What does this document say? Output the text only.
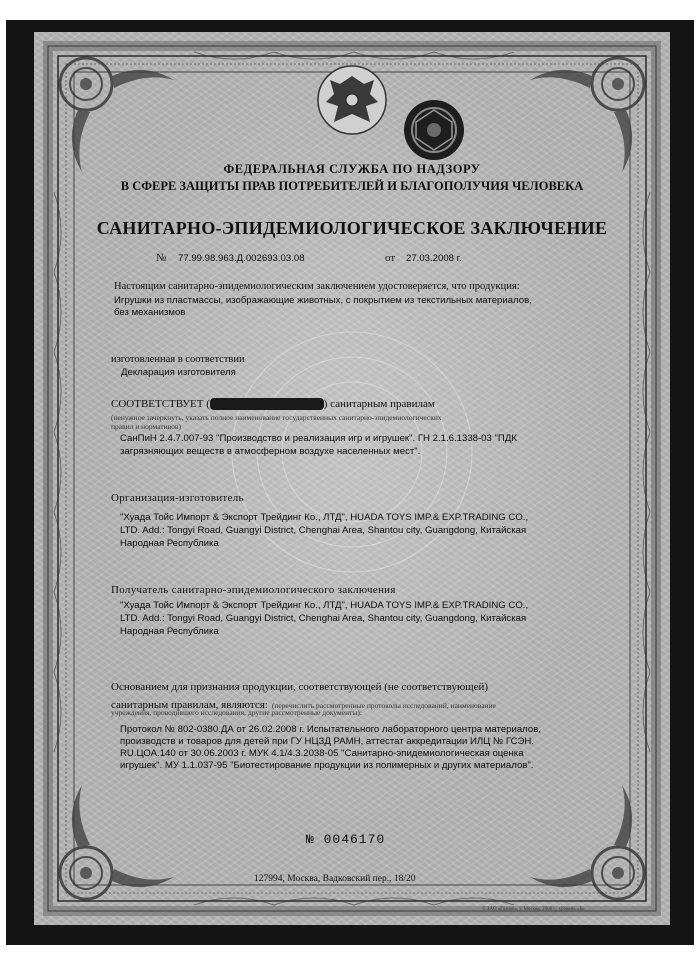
ФЕДЕРАЛЬНАЯ СЛУЖБА ПО НАДЗОРУ
В СФЕРЕ ЗАЩИТЫ ПРАВ ПОТРЕБИТЕЛЕЙ И БЛАГОПОЛУЧИЯ ЧЕЛОВЕКА
САНИТАРНО-ЭПИДЕМИОЛОГИЧЕСКОЕ ЗАКЛЮЧЕНИЕ
№ 77.99.98.963.Д.002693.03.08	от 27.03.2008 г.
Настоящим санитарно-эпидемиологическим заключением удостоверяется, что продукция:
Игрушки из пластмассы, изображающие животных, с покрытием из текстильных материалов,
без механизмов
изготовленная в соответствии
Декларация изготовителя
СООТВЕТСТВУЕТ ( НЕ СООТВЕТСТВУЕТ ) санитарным правилам
(ненужное зачеркнуть, указать полное наименование государственных санитарно-эпидемиологических
правил и нормативов)
СанПиН 2.4.7.007-93 "Производство и реализация игр и игрушек". ГН 2.1.6.1338-03 "ПДК
загрязняющих веществ в атмосферном воздухе населенных мест".
Организация-изготовитель
"Хуада Тойс Импорт & Экспорт Трейдинг Ко., ЛТД", HUADA TOYS IMP.& EXP.TRADING CO.,
LTD. Add.: Tongyi Road, Guangyi District, Chenghai Area, Shantou city, Guangdong, Китайская
Народная Республика
Получатель санитарно-эпидемиологического заключения
"Хуада Тойс Импорт & Экспорт Трейдинг Ко., ЛТД", HUADA TOYS IMP.& EXP.TRADING CO.,
LTD. Add.: Tongyi Road, Guangyi District, Chenghai Area, Shantou city, Guangdong, Китайская
Народная Республика
Основанием для признания продукции, соответствующей (не соответствующей)
санитарным правилам, являются: (перечислить рассмотренные протоколы исследований, наименование
учреждения, проводившего исследования, другие рассмотренные документы):
Протокол № 802-0380.ДА от 26.02.2008 г. Испытательного лабораторного центра материалов,
производств и товаров для детей при ГУ НЦЗД РАМН, аттестат аккредитации ИЛЦ № ГСЭН.
RU.ЦОА.140 от 30.06.2003 г. МУК 4.1/4.3.2038-05 "Санитарно-эпидемиологическая оценка
игрушек". МУ 1.1.037-95 "Биотестирование продукции из полимерных и других материалов".
№ 0046170
127994, Москва, Вадковский пер., 18/20
© ЗАО «Гознак», г. Москва, 2008 г., уровень «Б»
